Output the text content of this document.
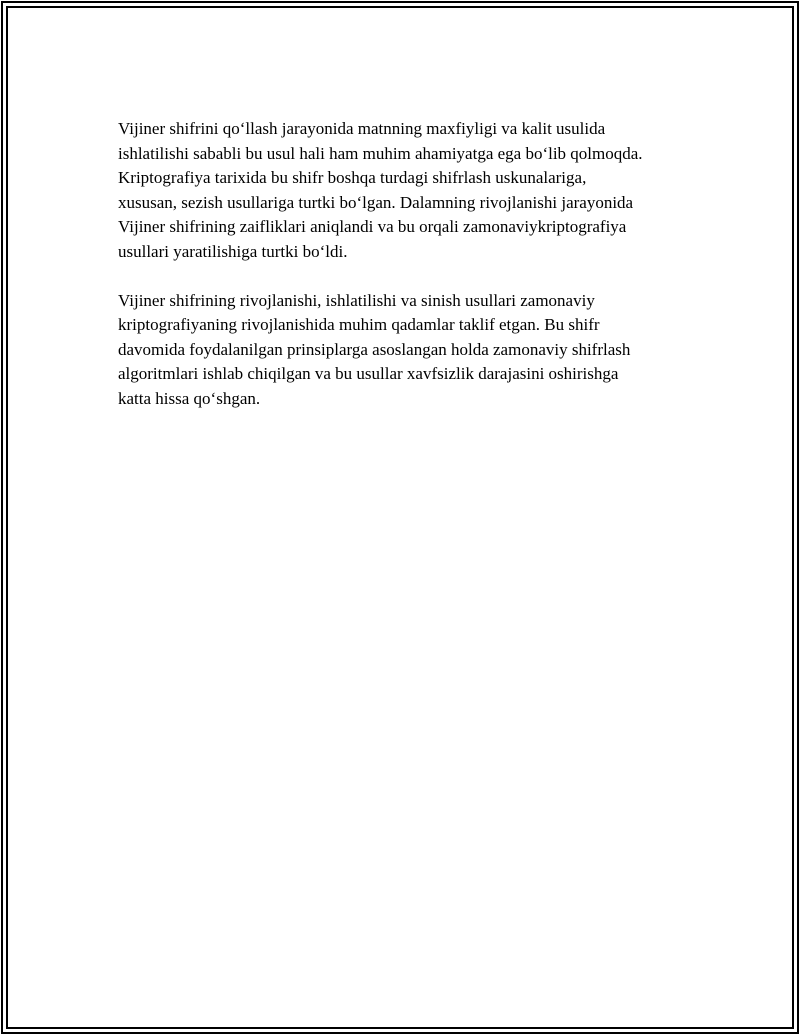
Vijiner shifrini qo‘llash jarayonida matnning maxfiyligi va kalit usulida
ishlatilishi sababli bu usul hali ham muhim ahamiyatga ega bo‘lib qolmoqda.
Kriptografiya tarixida bu shifr boshqa turdagi shifrlash uskunalariga,
xususan, sezish usullariga turtki bo‘lgan. Dalamning rivojlanishi jarayonida
Vijiner shifrining zaifliklari aniqlandi va bu orqali zamonaviykriptografiya
usullari yaratilishiga turtki bo‘ldi.

Vijiner shifrining rivojlanishi, ishlatilishi va sinish usullari zamonaviy
kriptografiyaning rivojlanishida muhim qadamlar taklif etgan. Bu shifr
davomida foydalanilgan prinsiplarga asoslangan holda zamonaviy shifrlash
algoritmlari ishlab chiqilgan va bu usullar xavfsizlik darajasini oshirishga
katta hissa qo‘shgan.
